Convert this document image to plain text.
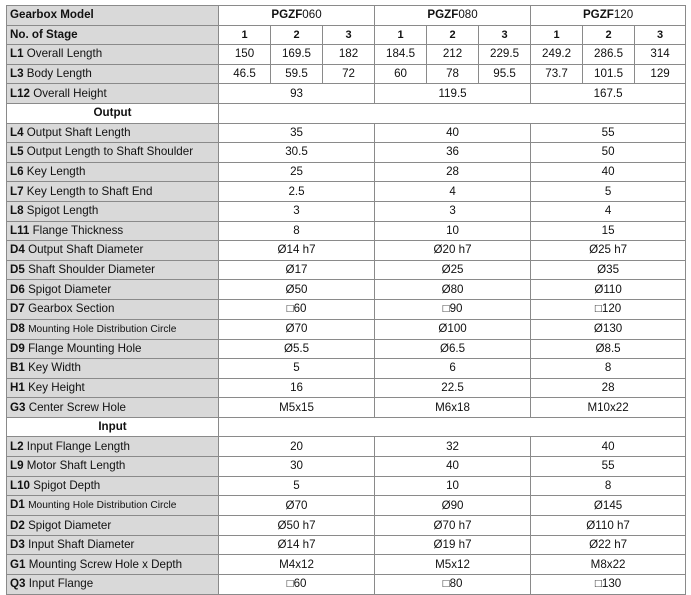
Gearbox Model	PGZF060			PGZF080			PGZF120		
No. of Stage	1	2	3	1	2	3	1	2	3
L1 Overall Length	150	169.5	182	184.5	212	229.5	249.2	286.5	314
L3 Body Length	46.5	59.5	72	60	78	95.5	73.7	101.5	129
L12 Overall Height	93			119.5			167.5		
Output									
L4 Output Shaft Length	35			40			55		
L5 Output Length to Shaft Shoulder	30.5			36			50		
L6 Key Length	25			28			40		
L7 Key Length to Shaft End	2.5			4			5		
L8 Spigot Length	3			3			4		
L11 Flange Thickness	8			10			15		
D4 Output Shaft Diameter	Ø14 h7			Ø20 h7			Ø25 h7		
D5 Shaft Shoulder Diameter	Ø17			Ø25			Ø35		
D6 Spigot Diameter	Ø50			Ø80			Ø110		
D7 Gearbox Section	□60			□90			□120		
D8 Mounting Hole Distribution Circle	Ø70			Ø100			Ø130		
D9 Flange Mounting Hole	Ø5.5			Ø6.5			Ø8.5		
B1 Key Width	5			6			8		
H1 Key Height	16			22.5			28		
G3 Center Screw Hole	M5x15			M6x18			M10x22		
Input									
L2 Input Flange Length	20			32			40		
L9 Motor Shaft Length	30			40			55		
L10 Spigot Depth	5			10			8		
D1 Mounting Hole Distribution Circle	Ø70			Ø90			Ø145		
D2 Spigot Diameter	Ø50 h7			Ø70 h7			Ø110 h7		
D3 Input Shaft Diameter	Ø14 h7			Ø19 h7			Ø22 h7		
G1 Mounting Screw Hole x Depth	M4x12			M5x12			M8x22		
Q3 Input Flange	□60			□80			□130		
